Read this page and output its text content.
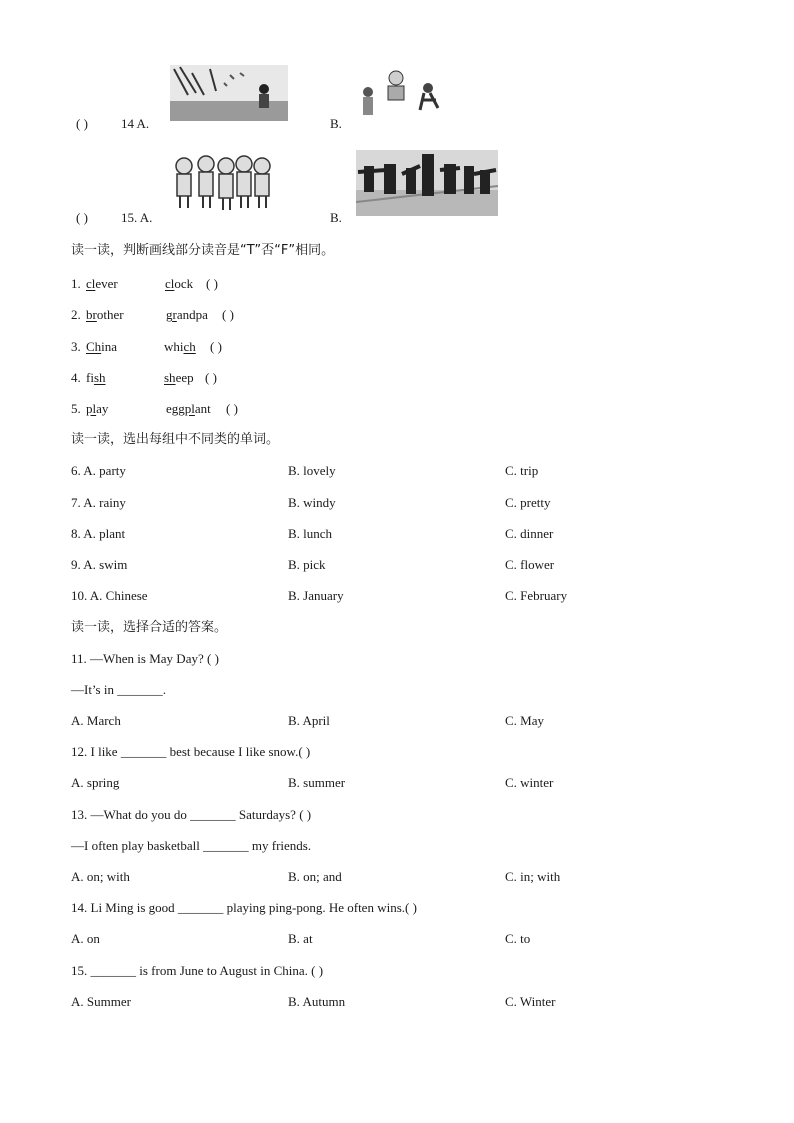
( )	14 A.	B.
( )	15. A.	B.
读一读，判断画线部分读音是“T”否“F”相同。
1. clever	clock ( )
2. brother	grandpa ( )
3. China	which ( )
4. fish	sheep ( )
5. play	eggplant ( )
读一读，选出每组中不同类的单词。
6. A. party	B. lovely	C. trip
7. A. rainy	B. windy	C. pretty
8. A. plant	B. lunch	C. dinner
9. A. swim	B. pick	C. flower
10. A. Chinese	B. January	C. February
读一读，选择合适的答案。
11. —When is May Day? ( )
—It’s in _______.
A. March	B. April	C. May
12. I like _______ best because I like snow.( )
A. spring	B. summer	C. winter
13. —What do you do _______ Saturdays? ( )
—I often play basketball _______ my friends.
A. on; with	B. on; and	C. in; with
14. Li Ming is good _______ playing ping-pong. He often wins.( )
A. on	B. at	C. to
15. _______ is from June to August in China. ( )
A. Summer	B. Autumn	C. Winter
